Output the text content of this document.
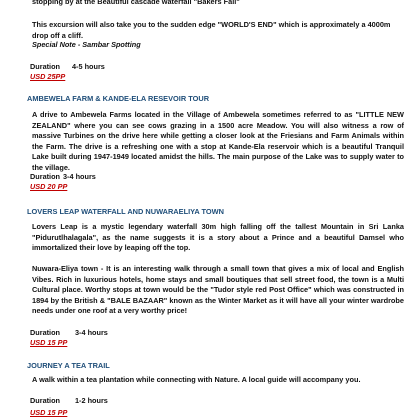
stopping by at the Beautiful cascade waterfall "Bakers Fall"

This excursion will also take you to the sudden edge "WORLD'S END" which is approximately a 4000m drop off a cliff.

Special Note - Sambar Spotting

Duration 4-5 hours

USD 25PP

AMBEWELA FARM & KANDE-ELA RESEVOIR TOUR

A drive to Ambewela Farms located in the Village of Ambewela sometimes referred to as "LITTLE NEW ZEALAND" where you can see cows grazing in a 1500 acre Meadow. You will also witness a row of massive Turbines on the drive here while getting a closer look at the Friesians and Farm Animals within the Farm. The drive is a refreshing one with a stop at Kande-Ela reservoir which is a beautiful Tranquil Lake built during 1947-1949 located amidst the hills. The main purpose of the Lake was to supply water to the village.

Duration 3-4 hours

USD 20 PP

LOVERS LEAP WATERFALL AND NUWARAELIYA TOWN

Lovers Leap is a mystic legendary waterfall 30m high falling off the tallest Mountain in Sri Lanka "Pidurutlhalagala", as the name suggests it is a story about a Prince and a beautiful Damsel who immortalized their love by leaping off the top.

Nuwara-Eliya town - It is an interesting walk through a small town that gives a mix of local and English Vibes. Rich in luxurious hotels, home stays and small boutiques that sell street food, the town is a Multi Cultural place. Worthy stops at town would be the "Tudor style red Post Office" which was constructed in 1894 by the British & "BALE BAZAAR" known as the Winter Market as it will have all your winter wardrobe needs under one roof at a very worthy price!

Duration 3-4 hours

USD 15 PP

JOURNEY A TEA TRAIL

A walk within a tea plantation while connecting with Nature. A local guide will accompany you.

Duration 1-2 hours

USD 15 PP
